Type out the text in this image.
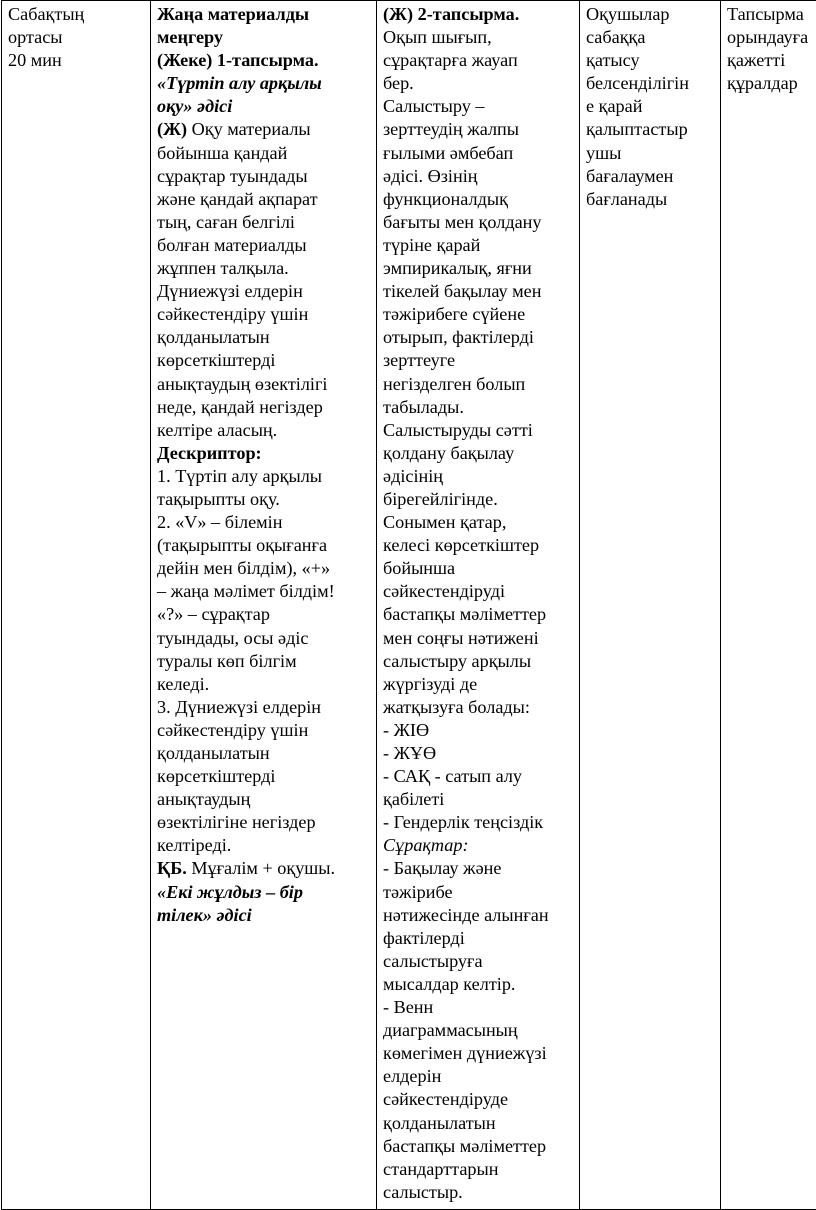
Сабақтың
ортасы
20 мин

Жаңа материалды
меңгеру
(Жеке) 1-тапсырма.
«Түртіп алу арқылы
оқу» әдісі
(Ж) Оқу материалы
бойынша қандай
сұрақтар туындады
және қандай ақпарат
тың, саған белгілі
болған материалды
жұппен талқыла.
Дүниежүзі елдерін
сәйкестендіру үшін
қолданылатын
көрсеткіштерді
анықтаудың өзектілігі
неде, қандай негіздер
келтіре аласың.
Дескриптор:
1. Түртіп алу арқылы
тақырыпты оқу.
2. «V» – білемін
(тақырыпты оқығанға
дейін мен білдім), «+»
– жаңа мәлімет білдім!
«?» – сұрақтар
туындады, осы әдіс
туралы көп білгім
келеді.
3. Дүниежүзі елдерін
сәйкестендіру үшін
қолданылатын
көрсеткіштерді
анықтаудың
өзектілігіне негіздер
келтіреді.
ҚБ. Мұғалім + оқушы.
«Екі жұлдыз – бір
тілек» әдісі

(Ж) 2-тапсырма.
Оқып шығып,
сұрақтарға жауап
бер.
Салыстыру –
зерттеудің жалпы
ғылыми әмбебап
әдісі. Өзінің
функционалдық
бағыты мен қолдану
түріне қарай
эмпирикалық, яғни
тікелей бақылау мен
тәжірибеге сүйене
отырып, фактілерді
зерттеуге
негізделген болып
табылады.
Салыстыруды сәтті
қолдану бақылау
әдісінің
бірегейлігінде.
Сонымен қатар,
келесі көрсеткіштер
бойынша
сәйкестендіруді
бастапқы мәліметтер
мен соңғы нәтижені
салыстыру арқылы
жүргізуді де
жатқызуға болады:
- ЖІӨ
- ЖҰӨ
- САҚ - сатып алу
қабілеті
- Гендерлік теңсіздік
Сұрақтар:
- Бақылау және
тәжірибе
нәтижесінде алынған
фактілерді
салыстыруға
мысалдар келтір.
- Венн
диаграммасының
көмегімен дүниежүзі
елдерін
сәйкестендіруде
қолданылатын
бастапқы мәліметтер
стандарттарын
салыстыр.

Оқушылар
сабаққа
қатысу
белсенділігін
е қарай
қалыптастыр
ушы
бағалаумен
бағланады

Тапсырма
орындауға
қажетті
құралдар
